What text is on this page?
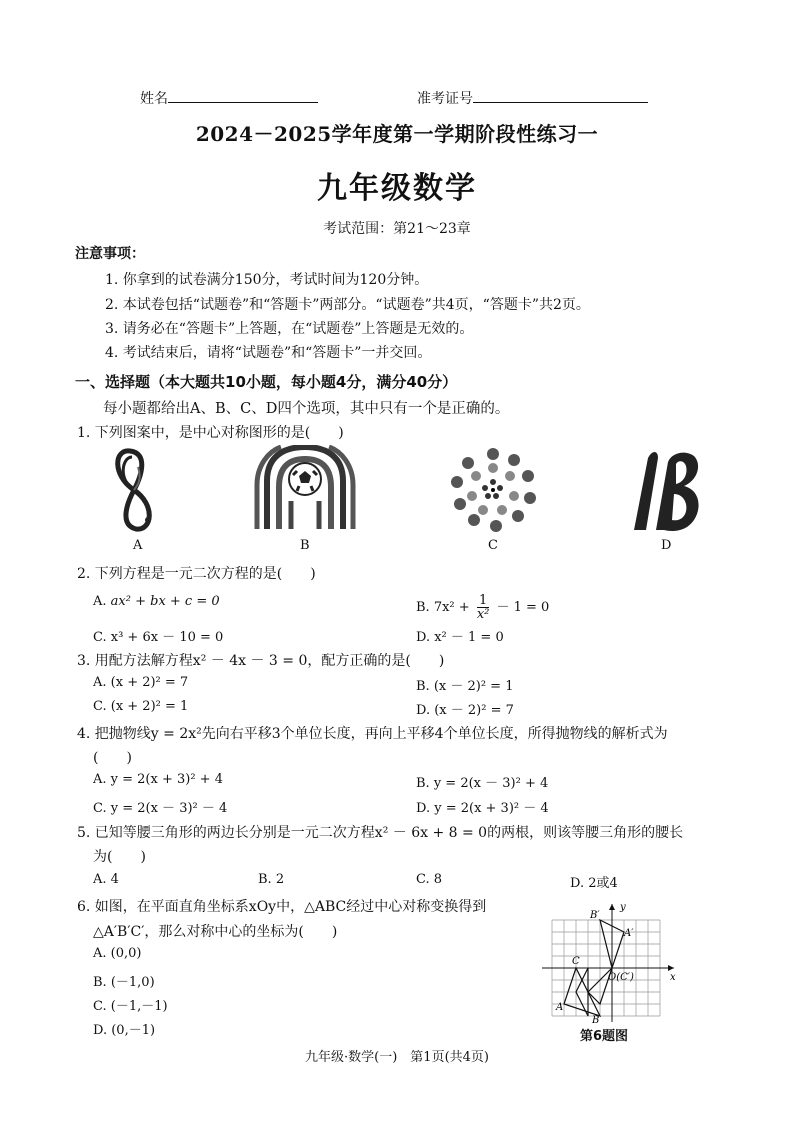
姓名	准考证号
2024－2025学年度第一学期阶段性练习一
九年级数学
考试范围：第21～23章
注意事项：
1. 你拿到的试卷满分150分，考试时间为120分钟。
2. 本试卷包括“试题卷”和“答题卡”两部分。“试题卷”共4页，“答题卡”共2页。
3. 请务必在“答题卡”上答题，在“试题卷”上答题是无效的。
4. 考试结束后，请将“试题卷”和“答题卡”一并交回。
一、选择题（本大题共10小题，每小题4分，满分40分）
每小题都给出A、B、C、D四个选项，其中只有一个是正确的。
1. 下列图案中，是中心对称图形的是(　　)
A	B	C	D
2. 下列方程是一元二次方程的是(　　)
A. ax² + bx + c = 0	B. $7x^2 + \frac{1}{\text{x²}} - 1 = 0$
C. x³ + 6x － 10 = 0	D. x² － 1 = 0
3. 用配方法解方程x² － 4x － 3 = 0，配方正确的是(　　)
A. (x + 2)² = 7	B. (x － 2)² = 1
C. (x + 2)² = 1	D. (x － 2)² = 7
4. 把抛物线y = 2x²先向右平移3个单位长度，再向上平移4个单位长度，所得抛物线的解析式为
(　　)
A. y = 2(x + 3)² + 4	B. y = 2(x － 3)² + 4
C. y = 2(x － 3)² － 4	D. y = 2(x + 3)² － 4
5. 已知等腰三角形的两边长分别是一元二次方程x² － 6x + 8 = 0的两根，则该等腰三角形的腰长
为(　　)
A. 4	B. 2	C. 8	D. 2或4
6. 如图，在平面直角坐标系xOy中，△ABC经过中心对称变换得到
△A′B′C′，那么对称中心的坐标为(　　)
A. (0,0)
B. (－1,0)
C. (－1,－1)
D. (0,－1)
B′
y
A′
C
O(C′)	x
A
B
第6题图
九年级·数学(一)　第1页(共4页)
